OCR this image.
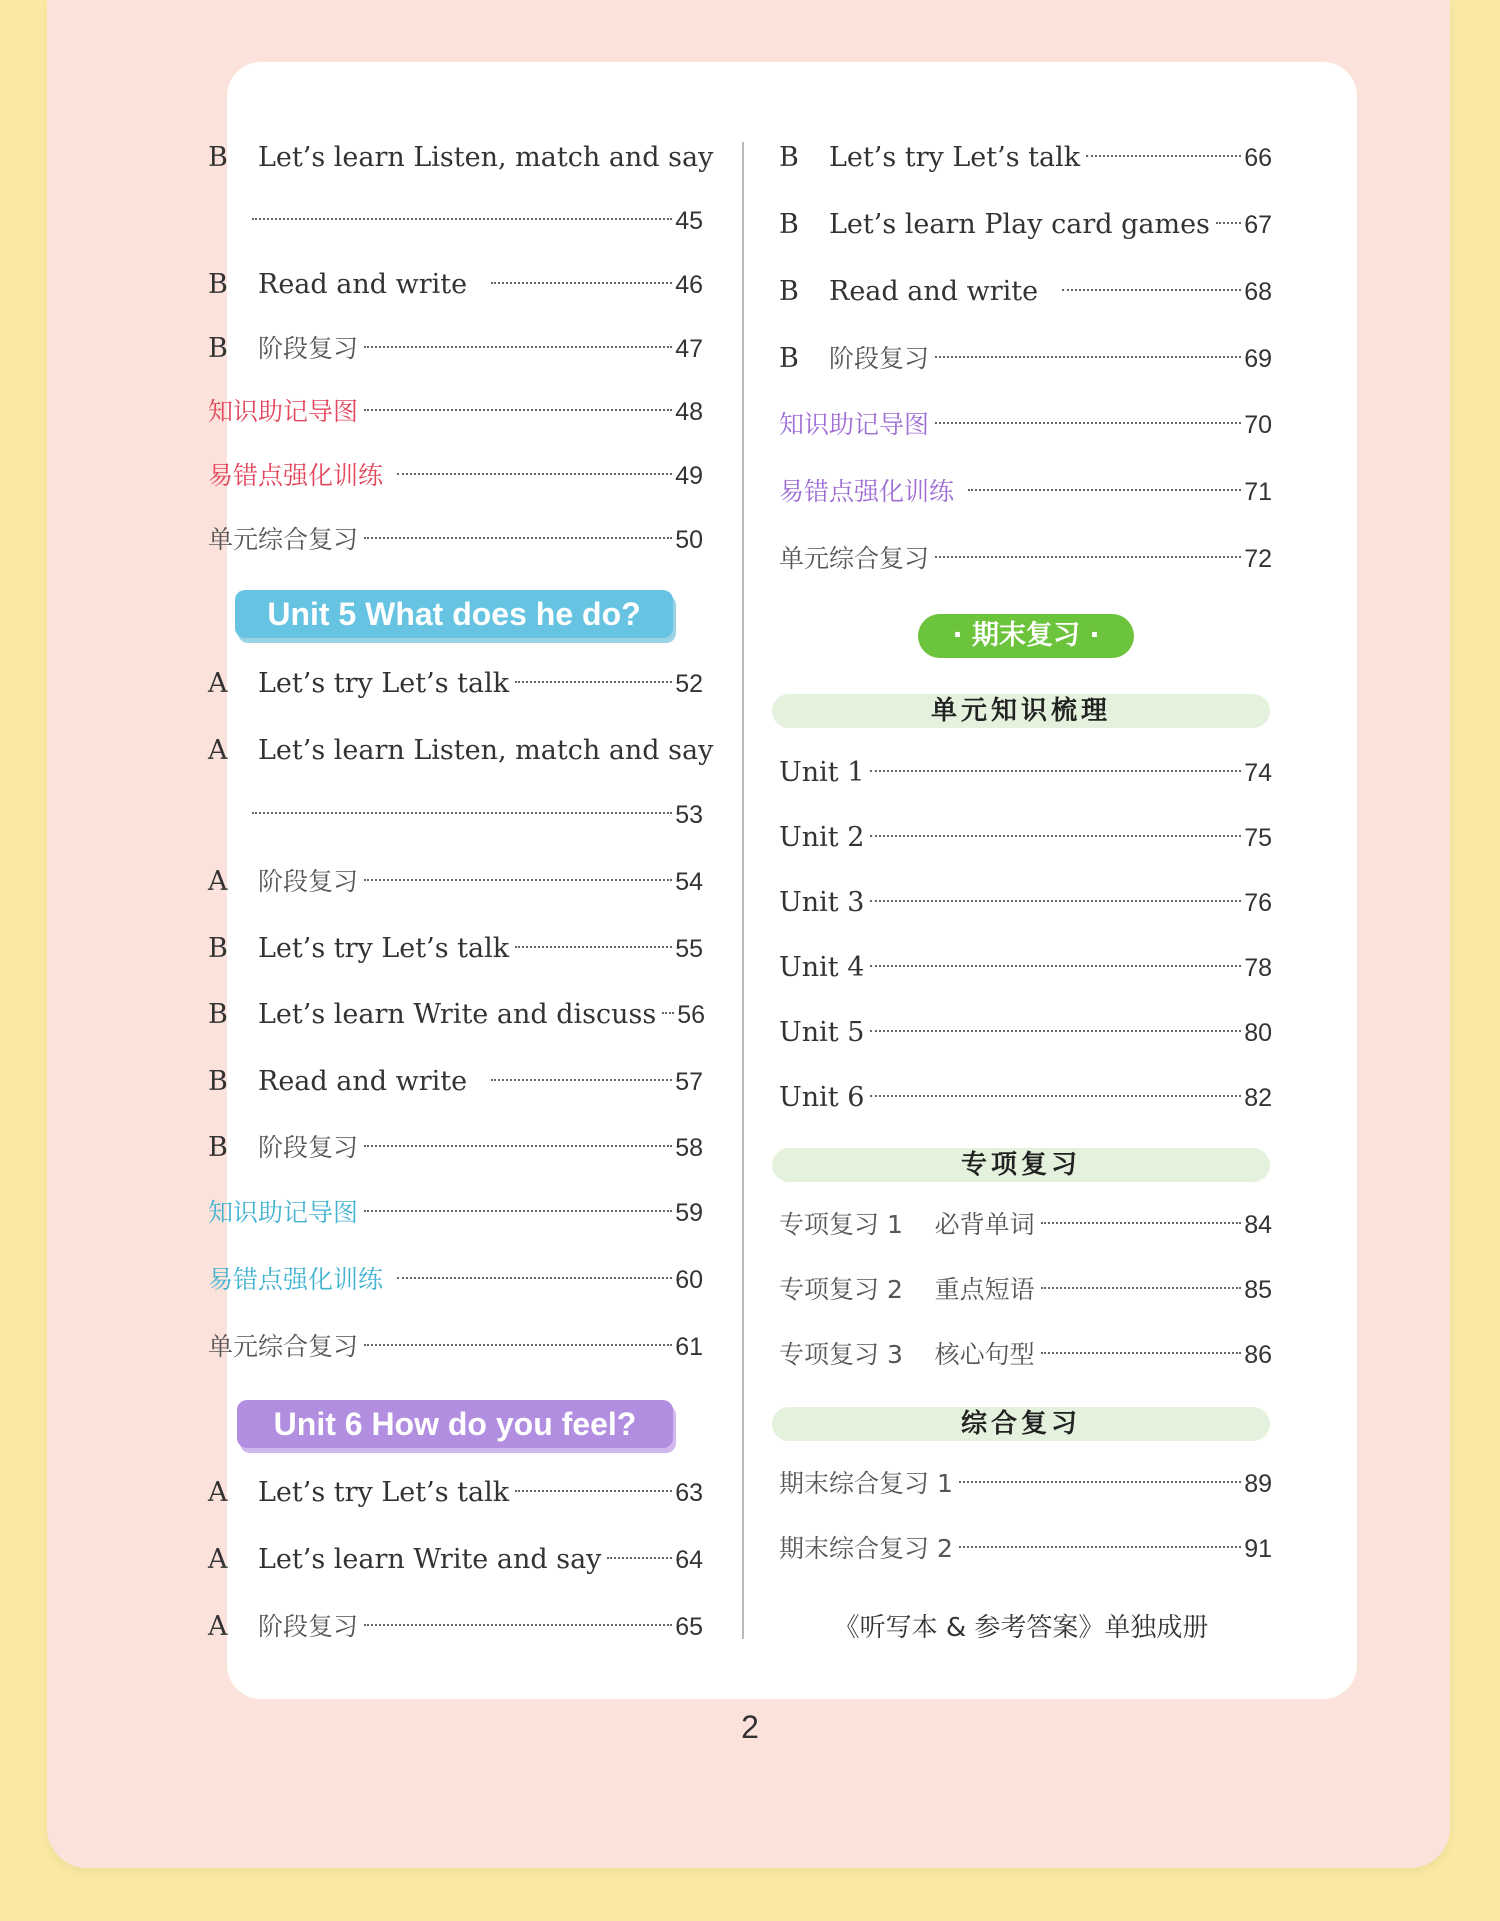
B	Let’s learn Listen, match and say
45
B	Read and write	46
B	阶段复习	47
知识助记导图	48
易错点强化训练	49
单元综合复习	50
Unit 5 What does he do?
A	Let’s try Let’s talk	52
A	Let’s learn Listen, match and say
53
A	阶段复习	54
B	Let’s try Let’s talk	55
B	Let’s learn Write and discuss 56
B	Read and write	57
B	阶段复习	58
知识助记导图	59
易错点强化训练	60
单元综合复习	61
Unit 6 How do you feel?
A	Let’s try Let’s talk	63
A	Let’s learn Write and say	64
A	阶段复习	65
B	Let’s try Let’s talk	66
B	Let’s learn Play card games 67
B	Read and write	68
B	阶段复习	69
知识助记导图	70
易错点强化训练	71
单元综合复习	72
· 期末复习 ·
单元知识梳理
Unit 1	74
Unit 2	75
Unit 3	76
Unit 4	78
Unit 5	80
Unit 6	82
专项复习
专项复习 1    必背单词	84
专项复习 2    重点短语	85
专项复习 3    核心句型	86
综合复习
期末综合复习 1	89
期末综合复习 2	91
《听写本 & 参考答案》单独成册
2
